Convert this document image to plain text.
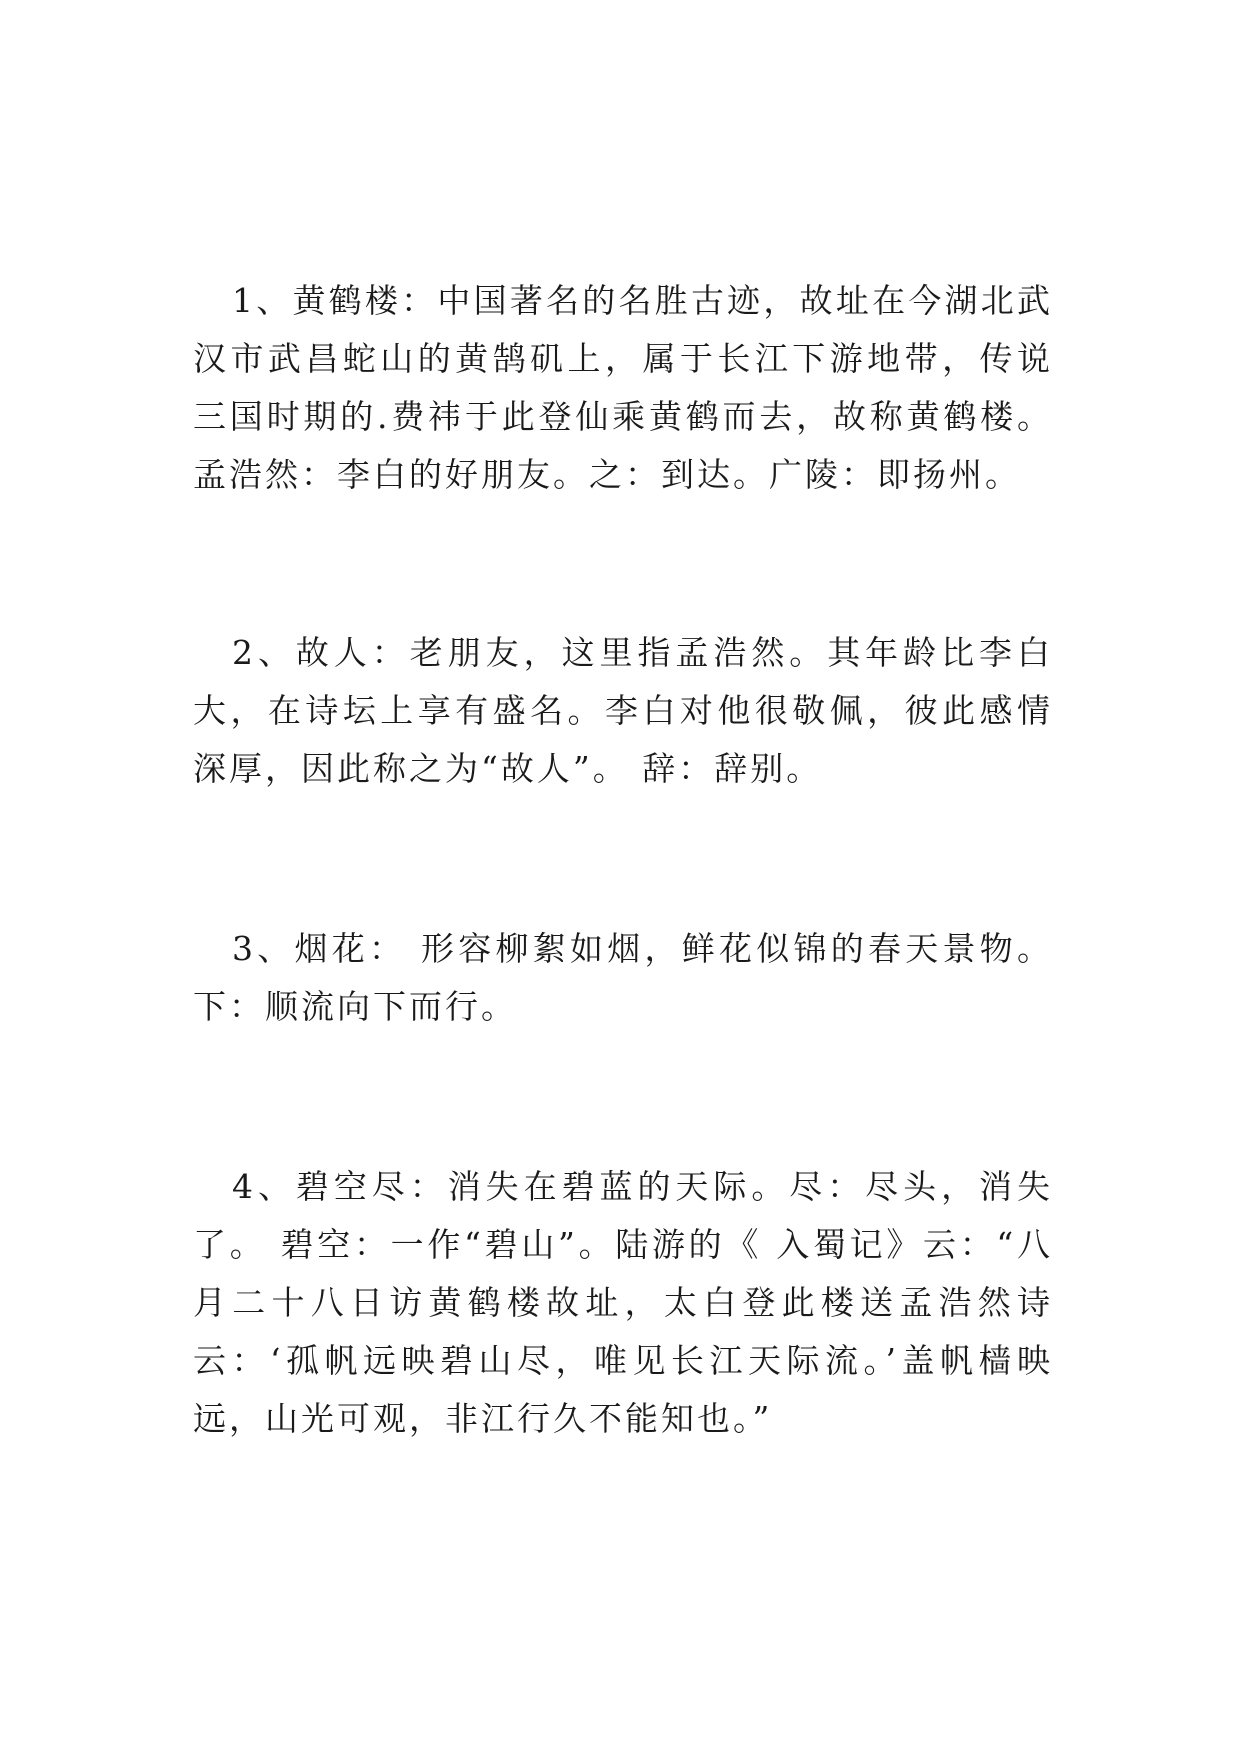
1、黄鹤楼：中国著名的名胜古迹，故址在今湖北武汉市武昌蛇山的黄鹄矶上，属于长江下游地带，传说三国时期的.费祎于此登仙乘黄鹤而去，故称黄鹤楼。孟浩然：李白的好朋友。之：到达。广陵：即扬州。

2、故人：老朋友，这里指孟浩然。其年龄比李白大，在诗坛上享有盛名。李白对他很敬佩，彼此感情深厚，因此称之为“故人”。 辞：辞别。

3、烟花： 形容柳絮如烟，鲜花似锦的春天景物。下：顺流向下而行。

4、碧空尽：消失在碧蓝的天际。尽：尽头，消失了。 碧空：一作“碧山”。陆游的《 入蜀记》云：“八月二十八日访黄鹤楼故址，太白登此楼送孟浩然诗云：‘孤帆远映碧山尽，唯见长江天际流。’盖帆樯映远，山光可观，非江行久不能知也。”
